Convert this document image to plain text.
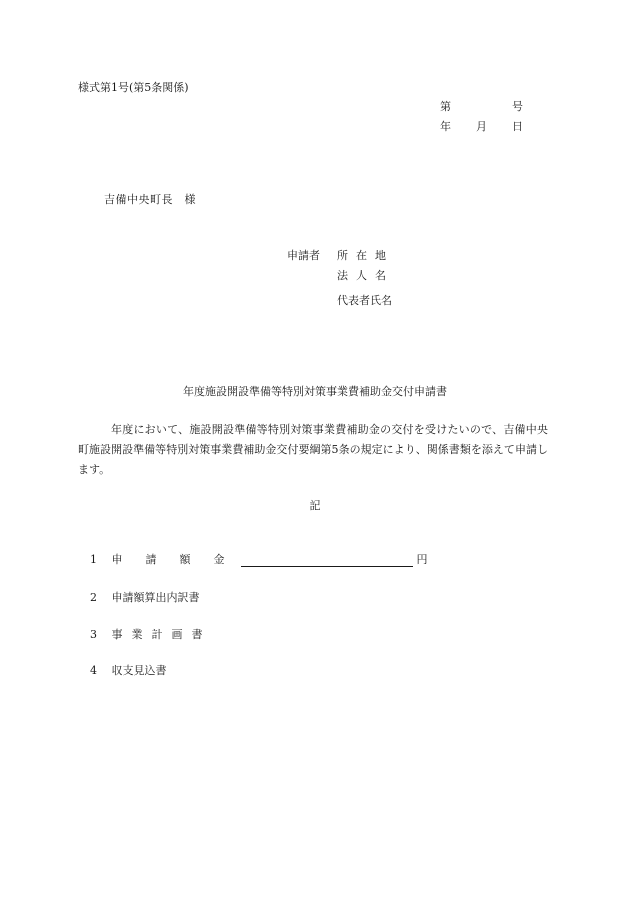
様式第1号(第5条関係)
第	号
年 月 日
吉備中央町長　様
申請者 所在地
法人名
代表者氏名
年度施設開設準備等特別対策事業費補助金交付申請書
年度において、施設開設準備等特別対策事業費補助金の交付を受けたいので、吉備中央町施設開設準備等特別対策事業費補助金交付要綱第5条の規定により、関係書類を添えて申請します。
記
1 申請額金	円
2 申請額算出内訳書
3 事業計画書
4 収支見込書
